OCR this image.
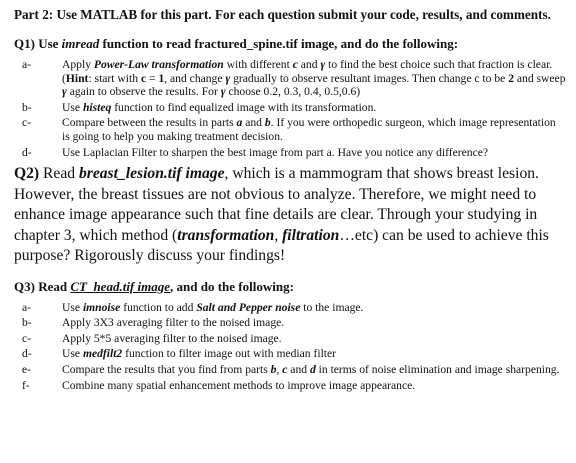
Part 2: Use MATLAB for this part. For each question submit your code, results, and comments.

Q1) Use imread function to read fractured_spine.tif image, and do the following:

a-	Apply Power-Law transformation with different c and γ to find the best choice such that fraction is clear. (Hint: start with c = 1, and change γ gradually to observe resultant images. Then change c to be 2 and sweep γ again to observe the results. For γ choose 0.2, 0.3, 0.4, 0.5,0.6)
b-	Use histeq function to find equalized image with its transformation.
c-	Compare between the results in parts a and b. If you were orthopedic surgeon, which image representation is going to help you making treatment decision.
d-	Use Laplacian Filter to sharpen the best image from part a. Have you notice any difference?

Q2) Read breast_lesion.tif image, which is a mammogram that shows breast lesion. However, the breast tissues are not obvious to analyze. Therefore, we might need to enhance image appearance such that fine details are clear. Through your studying in chapter 3, which method (transformation, filtration…etc) can be used to achieve this purpose? Rigorously discuss your findings!

Q3) Read CT_head.tif image, and do the following:

a-	Use imnoise function to add Salt and Pepper noise to the image.
b-	Apply 3X3 averaging filter to the noised image.
c-	Apply 5*5 averaging filter to the noised image.
d-	Use medfilt2 function to filter image out with median filter
e-	Compare the results that you find from parts b, c and d in terms of noise elimination and image sharpening.
f-	Combine many spatial enhancement methods to improve image appearance.
